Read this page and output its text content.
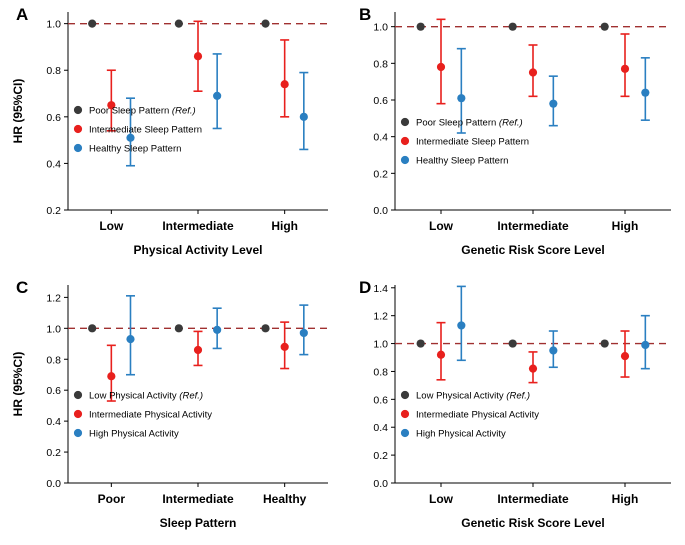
A
0.2
0.4
0.6
0.8
1.0
Low	Intermediate	High
Physical Activity Level
HR (95%CI)	Poor Sleep Pattern (Ref.)
Intermediate Sleep Pattern
Healthy Sleep Pattern
B
0.0
0.2
0.4
0.6
0.8
1.0
Low	Intermediate	High
Genetic Risk Score Level
Poor Sleep Pattern (Ref.)
Intermediate Sleep Pattern
Healthy Sleep Pattern
C
0.0
0.2
0.4
0.6
0.8
1.0
1.2
Poor	Intermediate Healthy
Sleep Pattern
HR (95%CI)	Low Physical Activity (Ref.)
Intermediate Physical Activity
High Physical Activity
D
0.0
0.2
0.4
0.6
0.8
1.0
1.2
1.4
Low	Intermediate	High
Genetic Risk Score Level
Low Physical Activity (Ref.)
Intermediate Physical Activity
High Physical Activity
